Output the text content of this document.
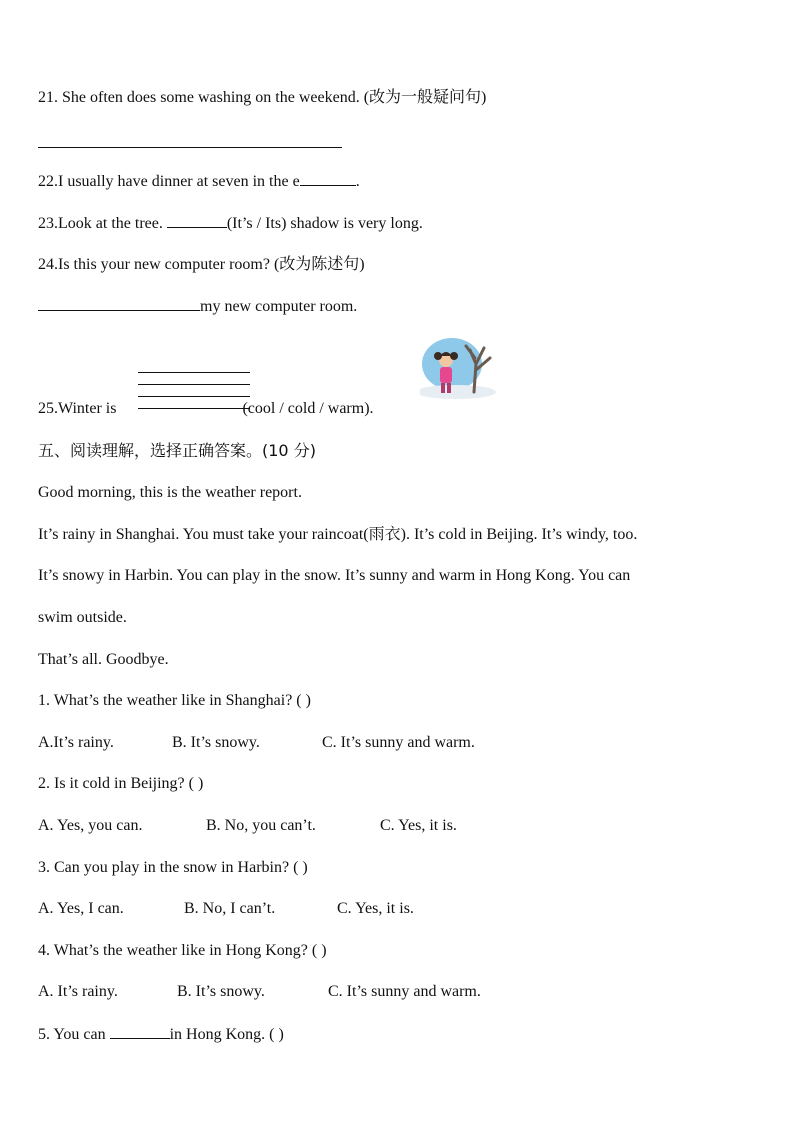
21. She often does some washing on the weekend. (改为一般疑问句)
22.I usually have dinner at seven in the e	.
23.Look at the tree.	(It’s / Its) shadow is very long.
24.Is this your new computer room? (改为陈述句)
my new computer room.
25.Winter is	(cool / cold / warm).
五、阅读理解，选择正确答案。(10 分)
Good morning, this is the weather report.
It’s rainy in Shanghai. You must take your raincoat(雨衣). It’s cold in Beijing. It’s windy, too.
It’s snowy in Harbin. You can play in the snow. It’s sunny and warm in Hong Kong. You can
swim outside.
That’s all. Goodbye.
1. What’s the weather like in Shanghai? ( )
A.It’s rainy.	B. It’s snowy.	C. It’s sunny and warm.
2. Is it cold in Beijing? ( )
A. Yes, you can.	B. No, you can’t.	C. Yes, it is.
3. Can you play in the snow in Harbin? ( )
A. Yes, I can.	B. No, I can’t.	C. Yes, it is.
4. What’s the weather like in Hong Kong? ( )
A. It’s rainy.	B. It’s snowy.	C. It’s sunny and warm.
5. You can	in Hong Kong. ( )
